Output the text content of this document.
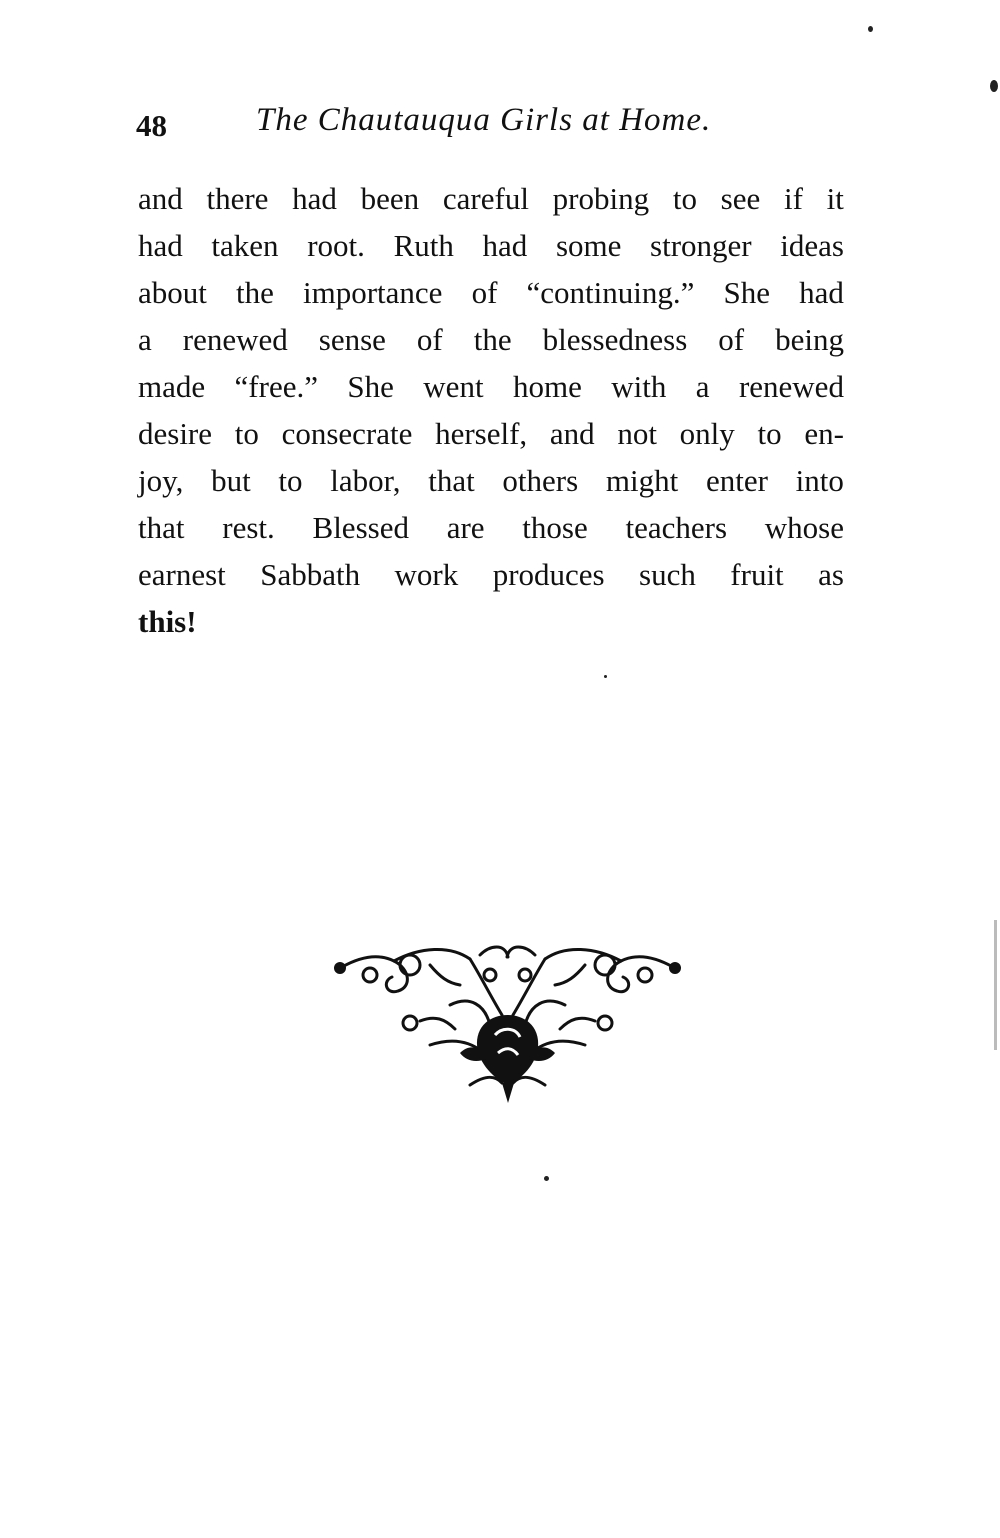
48	The Chautauqua Girls at Home.
and there had been careful probing to see if it
had taken root. Ruth had some stronger ideas
about the importance of “continuing.” She had
a renewed sense of the blessedness of being
made “free.” She went home with a renewed
desire to consecrate herself, and not only to en-
joy, but to labor, that others might enter into
that rest. Blessed are those teachers whose
earnest Sabbath work produces such fruit as
this!
